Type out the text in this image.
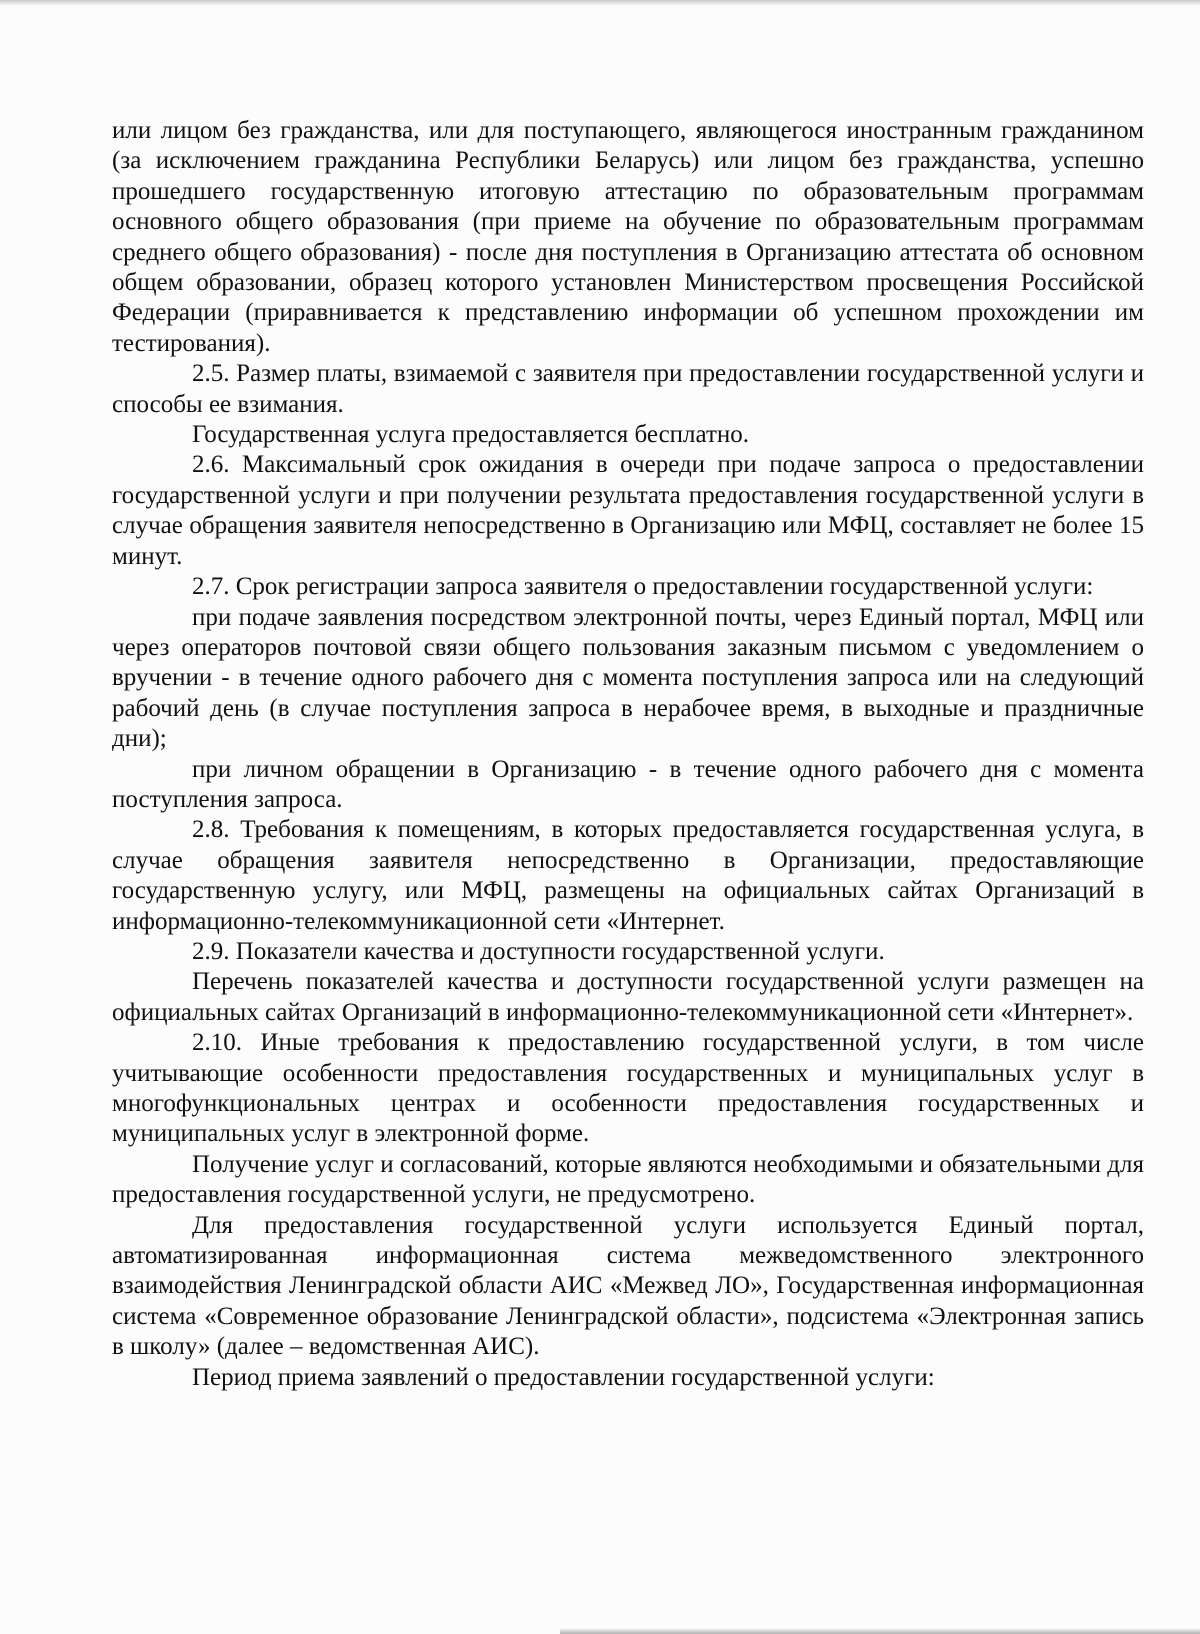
или лицом без гражданства, или для поступающего, являющегося иностранным гражданином (за исключением гражданина Республики Беларусь) или лицом без гражданства, успешно прошедшего государственную итоговую аттестацию по образовательным программам основного общего образования (при приеме на обучение по образовательным программам среднего общего образования) - после дня поступления в Организацию аттестата об основном общем образовании, образец которого установлен Министерством просвещения Российской Федерации (приравнивается к представлению информации об успешном прохождении им тестирования).

2.5. Размер платы, взимаемой с заявителя при предоставлении государственной услуги и способы ее взимания.

Государственная услуга предоставляется бесплатно.

2.6. Максимальный срок ожидания в очереди при подаче запроса о предоставлении государственной услуги и при получении результата предоставления государственной услуги в случае обращения заявителя непосредственно в Организацию или МФЦ, составляет не более 15 минут.

2.7. Срок регистрации запроса заявителя о предоставлении государственной услуги:

при подаче заявления посредством электронной почты, через Единый портал, МФЦ или через операторов почтовой связи общего пользования заказным письмом с уведомлением о вручении - в течение одного рабочего дня с момента поступления запроса или на следующий рабочий день (в случае поступления запроса в нерабочее время, в выходные и праздничные дни);

при личном обращении в Организацию - в течение одного рабочего дня с момента поступления запроса.

2.8. Требования к помещениям, в которых предоставляется государственная услуга, в случае обращения заявителя непосредственно в Организации, предоставляющие государственную услугу, или МФЦ, размещены на официальных сайтах Организаций в информационно-телекоммуникационной сети «Интернет.

2.9. Показатели качества и доступности государственной услуги.

Перечень показателей качества и доступности государственной услуги размещен на официальных сайтах Организаций в информационно-телекоммуникационной сети «Интернет».

2.10. Иные требования к предоставлению государственной услуги, в том числе учитывающие особенности предоставления государственных и муниципальных услуг в многофункциональных центрах и особенности предоставления государственных и муниципальных услуг в электронной форме.

Получение услуг и согласований, которые являются необходимыми и обязательными для предоставления государственной услуги, не предусмотрено.

Для предоставления государственной услуги используется Единый портал, автоматизированная информационная система межведомственного электронного взаимодействия Ленинградской области АИС «Межвед ЛО», Государственная информационная система «Современное образование Ленинградской области», подсистема «Электронная запись в школу» (далее – ведомственная АИС).

Период приема заявлений о предоставлении государственной услуги:
